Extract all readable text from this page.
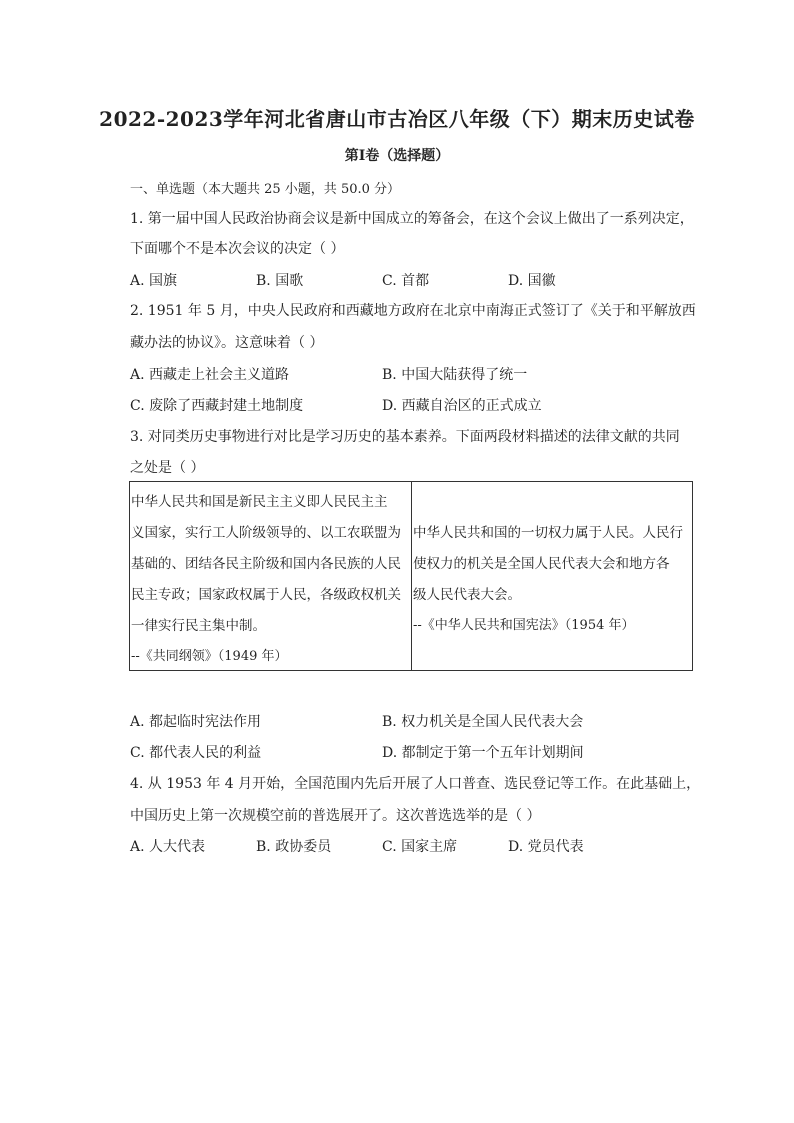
2022-2023学年河北省唐山市古冶区八年级（下）期末历史试卷
第Ⅰ卷（选择题）
一、单选题（本大题共 25 小题，共 50.0 分）
1. 第一届中国人民政治协商会议是新中国成立的筹备会，在这个会议上做出了一系列决定，
下面哪个不是本次会议的决定（ ）
A. 国旗	B. 国歌	C. 首都	D. 国徽
2. 1951 年 5 月，中央人民政府和西藏地方政府在北京中南海正式签订了《关于和平解放西
藏办法的协议》。这意味着（ ）
A. 西藏走上社会主义道路	B. 中国大陆获得了统一
C. 废除了西藏封建土地制度	D. 西藏自治区的正式成立
3. 对同类历史事物进行对比是学习历史的基本素养。下面两段材料描述的法律文献的共同
之处是（ ）
中华人民共和国是新民主主义即人民民主主
义国家，实行工人阶级领导的、以工农联盟为
基础的、团结各民主阶级和国内各民族的人民
民主专政；国家政权属于人民，各级政权机关
一律实行民主集中制。
--《共同纲领》（1949 年）

中华人民共和国的一切权力属于人民。人民行
使权力的机关是全国人民代表大会和地方各
级人民代表大会。
--《中华人民共和国宪法》（1954 年）
A. 都起临时宪法作用	B. 权力机关是全国人民代表大会
C. 都代表人民的利益	D. 都制定于第一个五年计划期间
4. 从 1953 年 4 月开始，全国范围内先后开展了人口普查、选民登记等工作。在此基础上，
中国历史上第一次规模空前的普选展开了。这次普选选举的是（ ）
A. 人大代表	B. 政协委员	C. 国家主席	D. 党员代表
